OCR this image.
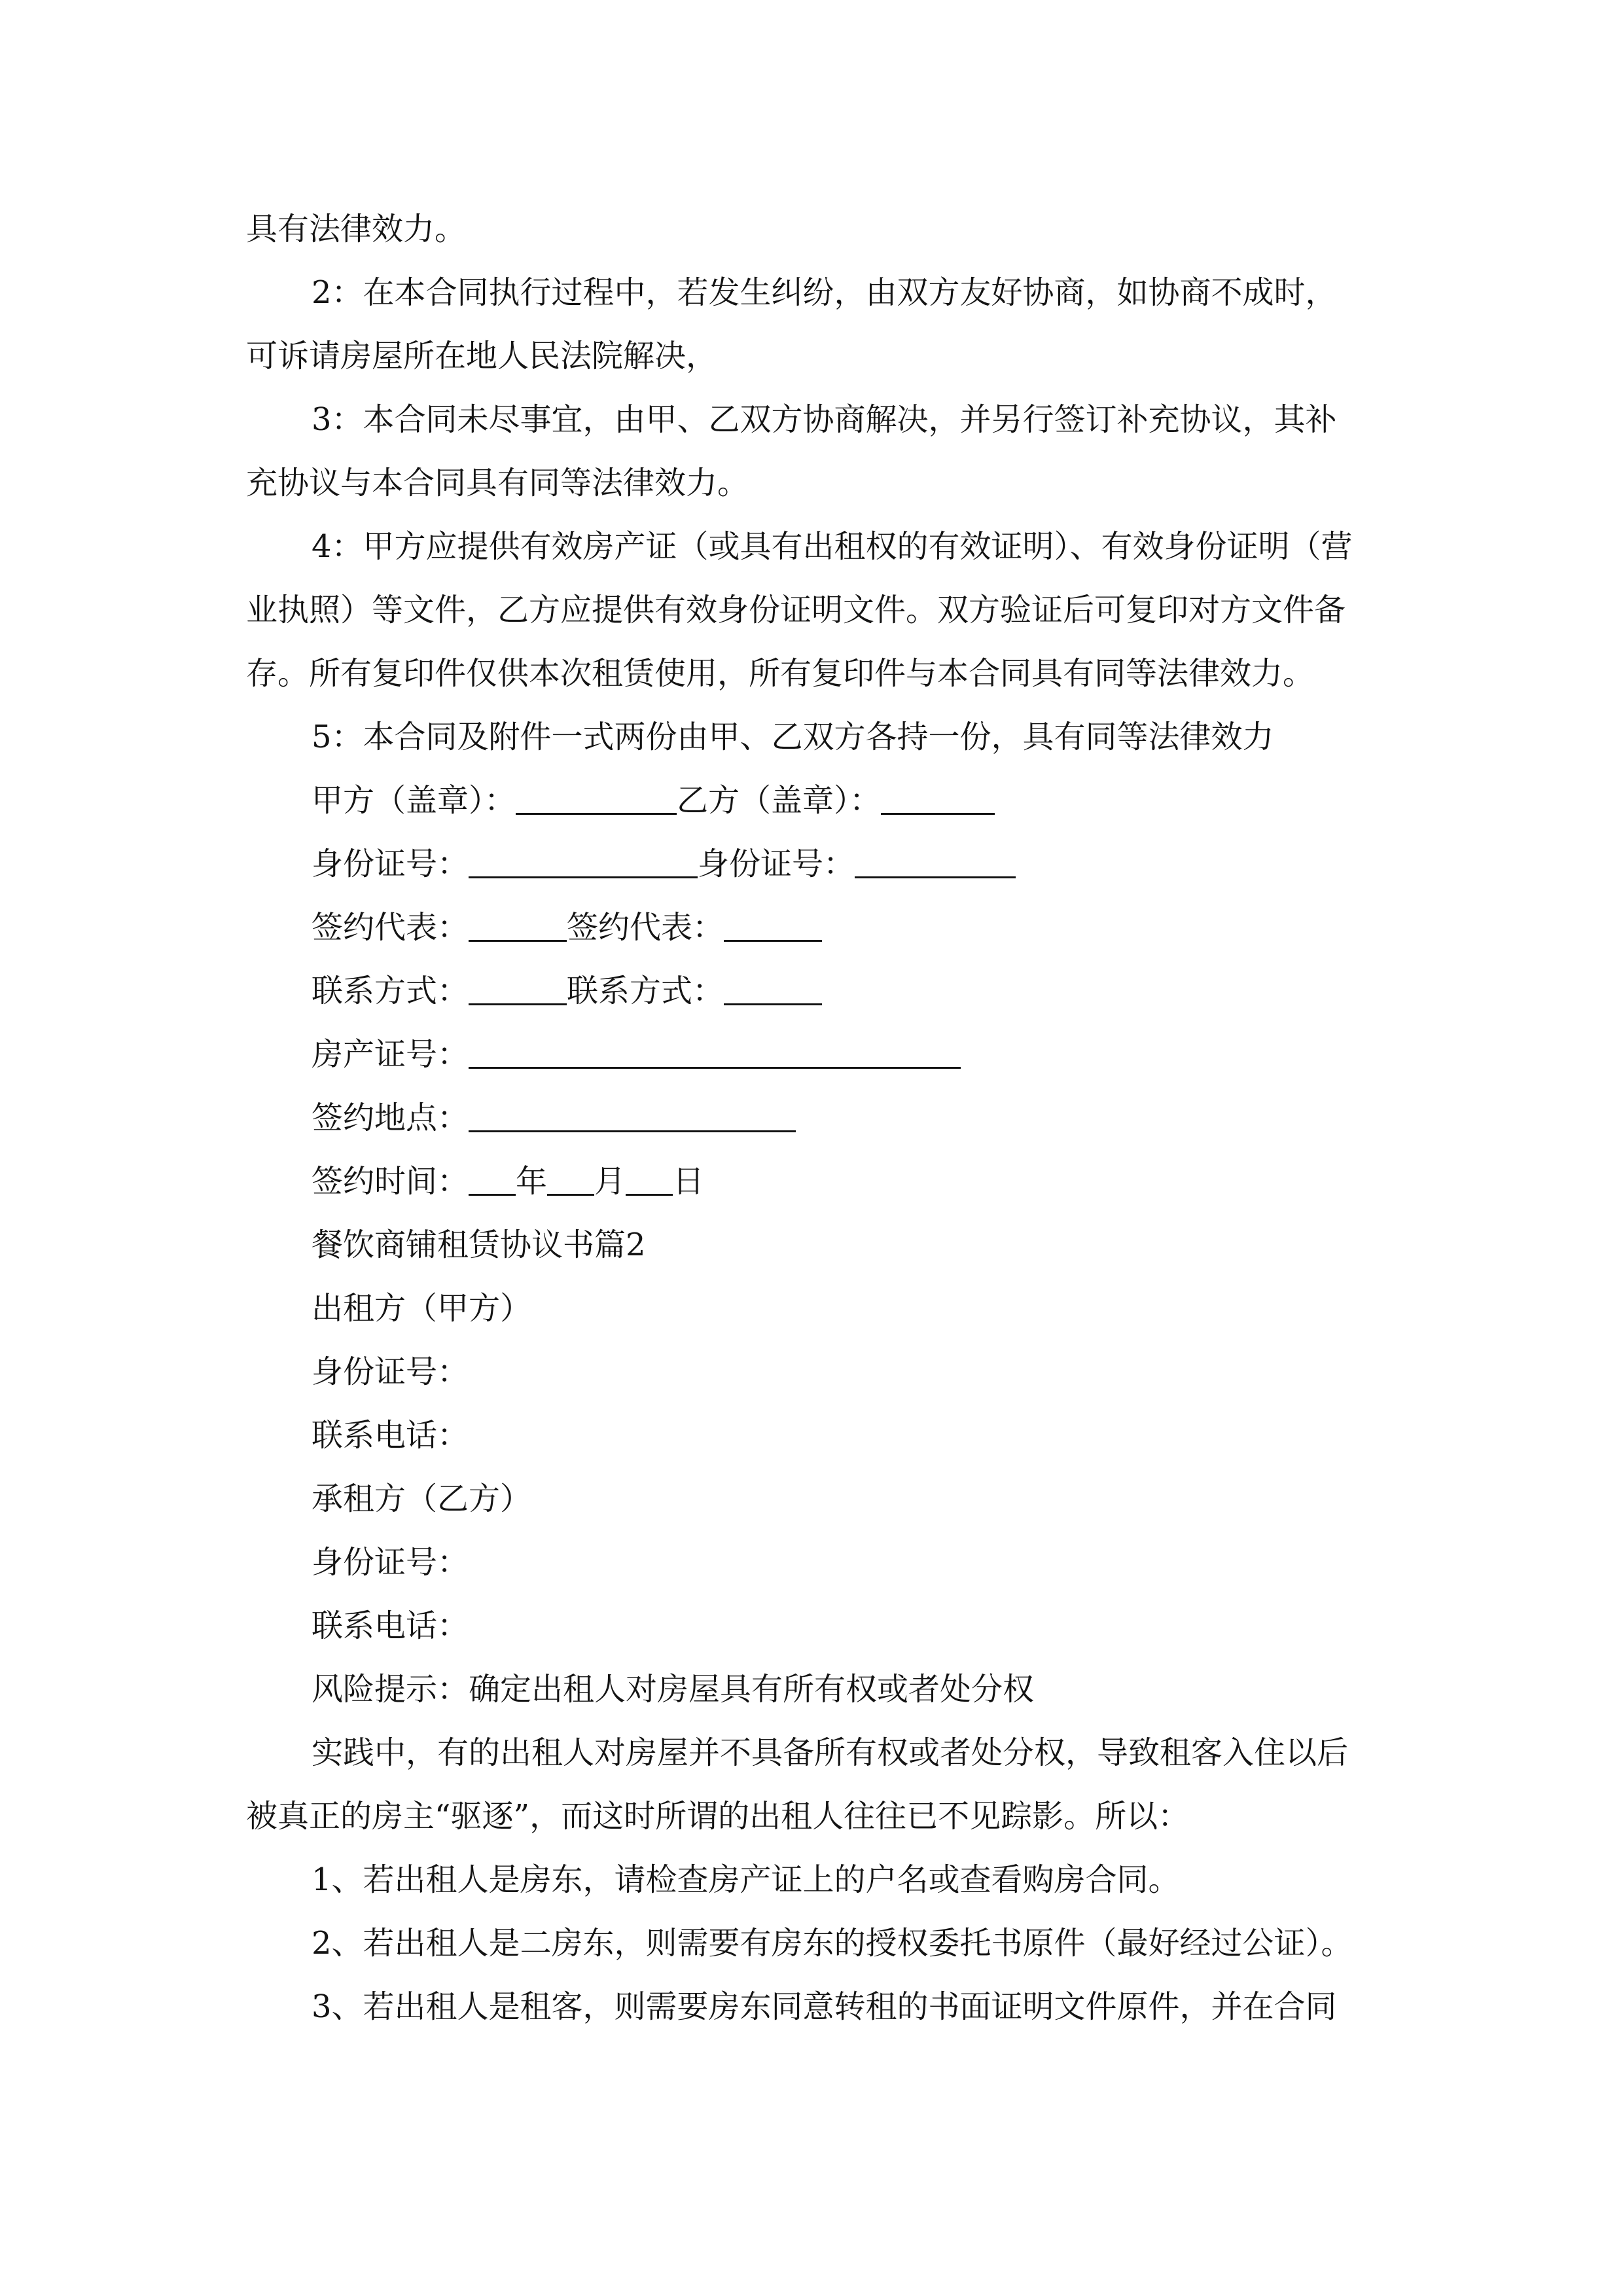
具有法律效力。
2：在本合同执行过程中，若发生纠纷，由双方友好协商，如协商不成时，
可诉请房屋所在地人民法院解决，
3：本合同未尽事宜，由甲、乙双方协商解决，并另行签订补充协议，其补
充协议与本合同具有同等法律效力。
4：甲方应提供有效房产证（或具有出租权的有效证明）、有效身份证明（营
业执照）等文件，乙方应提供有效身份证明文件。双方验证后可复印对方文件备
存。所有复印件仅供本次租赁使用，所有复印件与本合同具有同等法律效力。
5：本合同及附件一式两份由甲、乙双方各持一份，具有同等法律效力
甲方（盖章）：	乙方（盖章）：
身份证号：	身份证号：
签约代表：	签约代表：
联系方式：	联系方式：
房产证号：
签约地点：
签约时间： 年 月 日
餐饮商铺租赁协议书篇2
出租方（甲方）
身份证号：
联系电话：
承租方（乙方）
身份证号：
联系电话：
风险提示：确定出租人对房屋具有所有权或者处分权
实践中，有的出租人对房屋并不具备所有权或者处分权，导致租客入住以后
被真正的房主“驱逐”，而这时所谓的出租人往往已不见踪影。所以：
1、若出租人是房东，请检查房产证上的户名或查看购房合同。
2、若出租人是二房东，则需要有房东的授权委托书原件（最好经过公证）。
3、若出租人是租客，则需要房东同意转租的书面证明文件原件，并在合同
